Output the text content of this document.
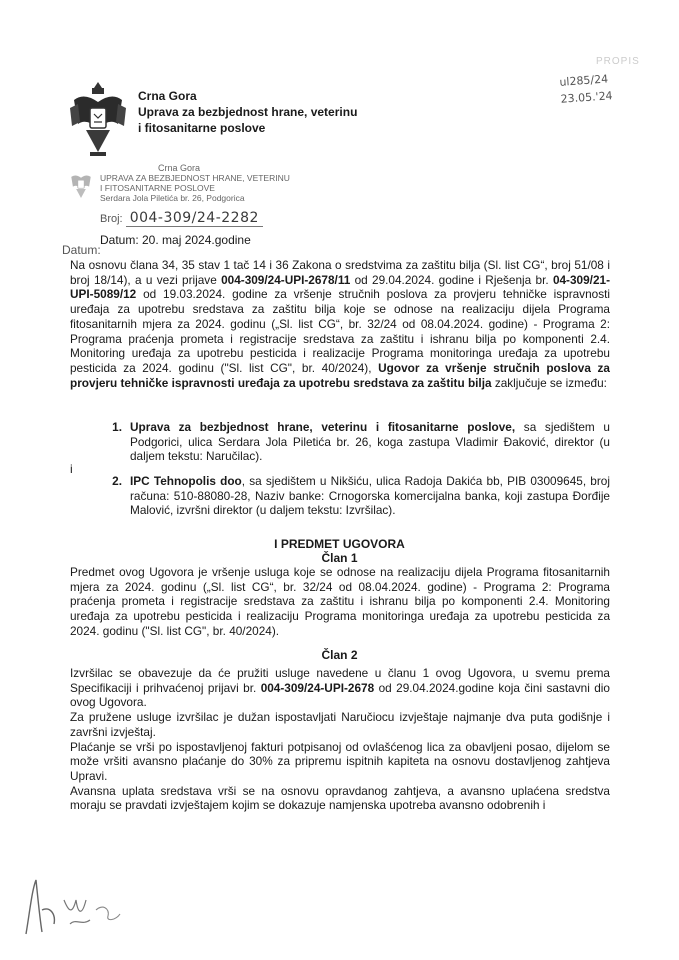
Crna Gora
Uprava za bezbjednost hrane, veterinu
i fitosanitarne poslove
PROPIS
ul285/24
23.05.'24
Crna Gora
UPRAVA ZA BEZBJEDNOST HRANE, VETERINU
I FITOSANITARNE POSLOVE
Serdara Jola Piletića br. 26, Podgorica
Broj: 004-309/24-2282
Datum:
Datum: 20. maj 2024.godine

Na osnovu člana 34, 35 stav 1 tač 14 i 36 Zakona o sredstvima za zaštitu bilja (Sl. list CG“, broj 51/08 i broj 18/14), a u vezi prijave 004-309/24-UPI-2678/11 od 29.04.2024. godine i Rješenja br. 04-309/21-UPI-5089/12 od 19.03.2024. godine za vršenje stručnih poslova za provjeru tehničke ispravnosti uređaja za upotrebu sredstava za zaštitu bilja koje se odnose na realizaciju dijela Programa fitosanitarnih mjera za 2024. godinu („Sl. list CG“, br. 32/24 od 08.04.2024. godine) - Programa 2: Programa praćenja prometa i registracije sredstava za zaštitu i ishranu bilja po komponenti 2.4. Monitoring uređaja za upotrebu pesticida i realizacije Programa monitoringa uređaja za upotrebu pesticida za 2024. godinu ("Sl. list CG", br. 40/2024), Ugovor za vršenje stručnih poslova za provjeru tehničke ispravnosti uređaja za upotrebu sredstava za zaštitu bilja zaključuje se između:

1. Uprava za bezbjednost hrane, veterinu i fitosanitarne poslove, sa sjedištem u Podgorici, ulica Serdara Jola Piletića br. 26, koga zastupa Vladimir Đaković, direktor (u daljem tekstu: Naručilac).
i
2. IPC Tehnopolis doo, sa sjedištem u Nikšiću, ulica Radoja Dakića bb, PIB 03009645, broj računa: 510-88080-28, Naziv banke: Crnogorska komercijalna banka, koji zastupa Đorđije Malović, izvršni direktor (u daljem tekstu: Izvršilac).
I PREDMET UGOVORA
Član 1

Predmet ovog Ugovora je vršenje usluga koje se odnose na realizaciju dijela Programa fitosanitarnih mjera za 2024. godinu („Sl. list CG“, br. 32/24 od 08.04.2024. godine) - Programa 2: Programa praćenja prometa i registracije sredstava za zaštitu i ishranu bilja po komponenti 2.4. Monitoring uređaja za upotrebu pesticida i realizaciju Programa monitoringa uređaja za upotrebu pesticida za 2024. godinu ("Sl. list CG", br. 40/2024).

Član 2

Izvršilac se obavezuje da će pružiti usluge navedene u članu 1 ovog Ugovora, u svemu prema Specifikaciji i prihvaćenoj prijavi br. 004-309/24-UPI-2678 od 29.04.2024.godine koja čini sastavni dio ovog Ugovora.

Za pružene usluge izvršilac je dužan ispostavljati Naručiocu izvještaje najmanje dva puta godišnje i završni izvještaj.

Plaćanje se vrši po ispostavljenoj fakturi potpisanoj od ovlašćenog lica za obavljeni posao, dijelom se može vršiti avansno plaćanje do 30% za pripremu ispitnih kapiteta na osnovu dostavljenog zahtjeva Upravi.

Avansna uplata sredstava vrši se na osnovu opravdanog zahtjeva, a avansno uplaćena sredstva moraju se pravdati izvještajem kojim se dokazuje namjenska upotreba avansno odobrenih i
